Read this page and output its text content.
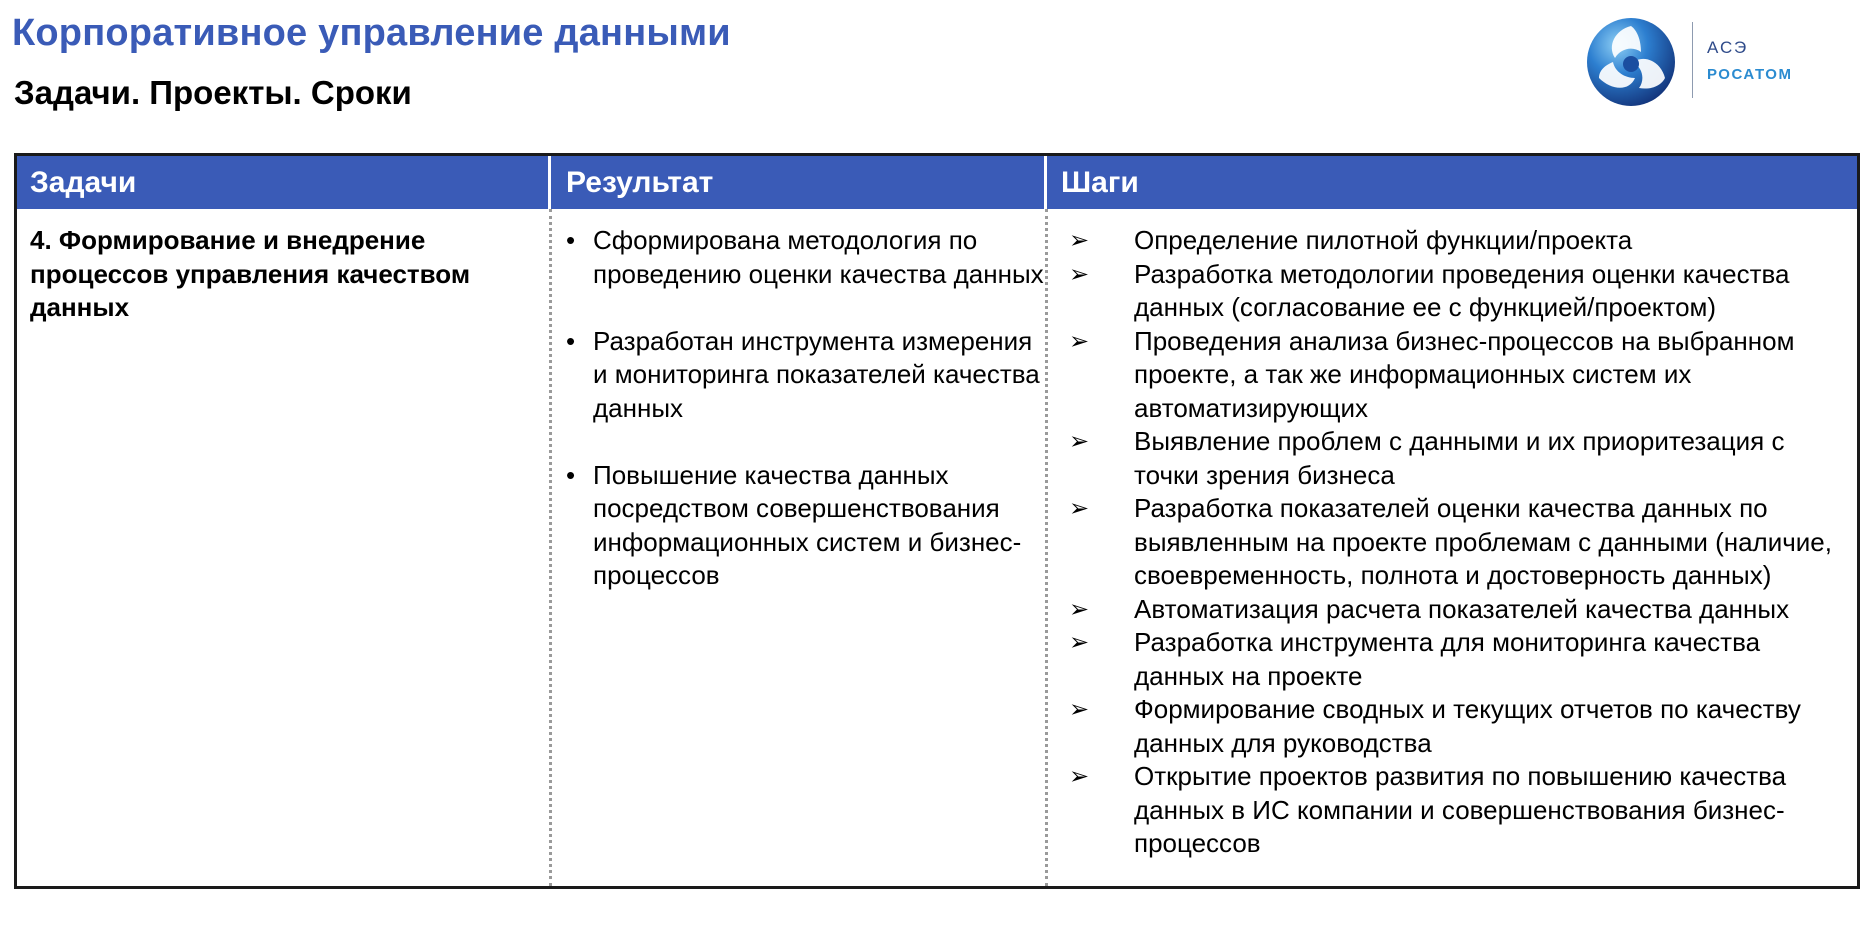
Корпоративное управление данными
Задачи. Проекты. Сроки
АСЭ
РОСАТОМ
Задачи	Результат	Шаги
4. Формирование и внедрение процессов управления качеством данных
• Сформирована методология по проведению оценки качества данных
• Разработан инструмента измерения и мониторинга показателей качества данных
• Повышение качества данных посредством совершенствования информационных систем и бизнес-процессов
➢ Определение пилотной функции/проекта
➢ Разработка методологии проведения оценки качества данных (согласование ее с функцией/проектом)
➢ Проведения анализа бизнес-процессов на выбранном проекте, а так же информационных систем их автоматизирующих
➢ Выявление проблем с данными и их приоритезация с точки зрения бизнеса
➢ Разработка показателей оценки качества данных по выявленным на проекте проблемам с данными (наличие, своевременность, полнота и достоверность данных)
➢ Автоматизация расчета показателей качества данных
➢ Разработка инструмента для мониторинга качества данных на проекте
➢ Формирование сводных и текущих отчетов по качеству данных для руководства
➢ Открытие проектов развития по повышению качества данных в ИС компании и совершенствования бизнес-процессов
